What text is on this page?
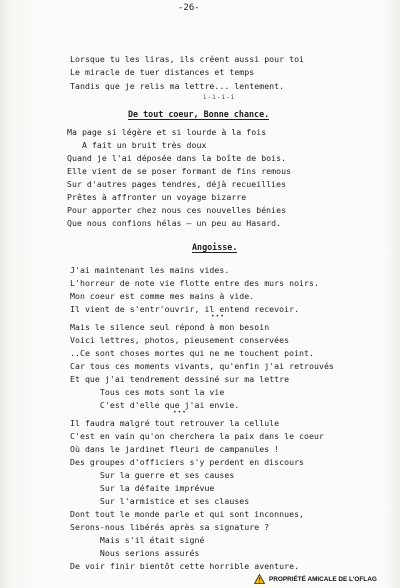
-26-
Lorsque tu les liras, ils créent aussi pour toi
Le miracle de tuer distances et temps
Tandis que je relis ma lettre... lentement.
i-i-i-i
De tout coeur, Bonne chance.
Ma page si légère et si lourde à la fois
A fait un bruit très doux
Quand je l'ai déposée dans la boîte de bois.
Elle vient de se poser formant de fins remous
Sur d'autres pages tendres, déjà recueillies
Prêtes à affronter un voyage bizarre
Pour apporter chez nous ces nouvelles bénies
Que nous confions hélas — un peu au Hasard.
Angoisse.
J'ai maintenant les mains vides.
L'horreur de note vie flotte entre des murs noirs.
Mon coeur est comme mes mains à vide.
Il vient de s'entr'ouvrir, il entend recevoir.
•••
Mais le silence seul répond à mon besoin
Voici lettres, photos, pieusement conservées
..Ce sont choses mortes qui ne me touchent point.
Car tous ces moments vivants, qu'enfin j'ai retrouvés
Et que j'ai tendrement dessiné sur ma lettre
Tous ces mots sont la vie
C'est d'elle que j'ai envie.
•••
Il faudra malgré tout retrouver la cellule
C'est en vain qu'on cherchera la paix dans le coeur
Où dans le jardinet fleuri de campanules !
Des groupes d'officiers s'y perdent en discours
Sur la guerre et ses causes
Sur la défaite imprévue
Sur l'armistice et ses clauses
Dont tout le monde parle et qui sont inconnues,
Serons-nous libérés après sa signature ?
Mais s'il était signé
Nous serions assurés
De voir finir bientôt cette horrible aventure.
PROPRIÉTÉ AMICALE DE L'OFLAG
